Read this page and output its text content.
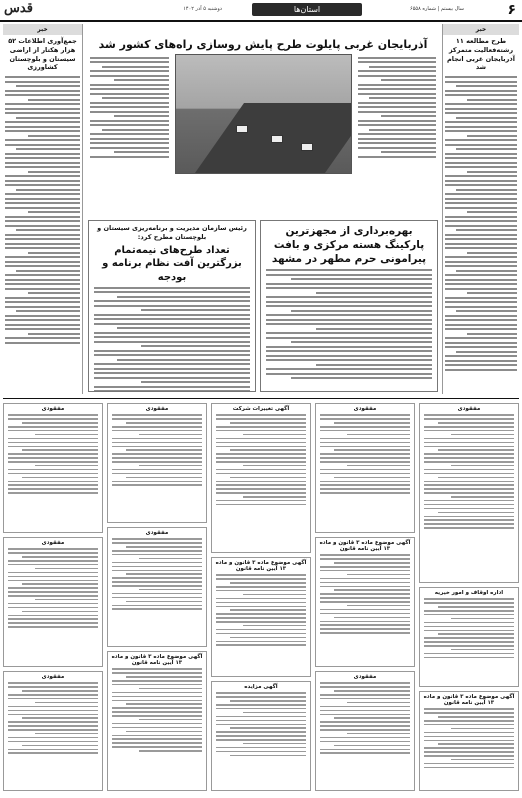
۶
سال بیستم | شماره ۶۵۵۸
استان‌ها
دوشنبه ۵ آذر ۱۴۰۲
قدس
خبر
طرح مطالعه ۱۱ رشته‌فعالیت متمرکز آذربایجان غربی انجام شد
خبر
جمع‌آوری اطلاعات ۵۲ هزار هکتار از اراضی سیستان و بلوچستان کشاورزی
آذربایجان غربی پایلوت طرح پایش روسازی راه‌های کشور شد
بهره‌برداری از مجهزترین پارکینگ هسته مرکزی و بافت پیرامونی حرم مطهر در مشهد
رئیس سازمان مدیریت و برنامه‌ریزی سیستان و بلوچستان مطرح کرد:
تعداد طرح‌های نیمه‌تمام بزرگترین آفت نظام برنامه و بودجه
مفقودی
اداره اوقاف و امور خیریه
آگهی موضوع ماده ۳ قانون و ماده ۱۳ آیین نامه قانون
مفقودی
آگهی موضوع ماده ۳ قانون و ماده ۱۳ آیین نامه قانون
مفقودی
آگهی تغییرات شرکت
آگهی موضوع ماده ۳ قانون و ماده ۱۳ آیین نامه قانون
آگهی مزایده
مفقودی
مفقودی
آگهی موضوع ماده ۳ قانون و ماده ۱۳ آیین نامه قانون
مفقودی
مفقودی
مفقودی
